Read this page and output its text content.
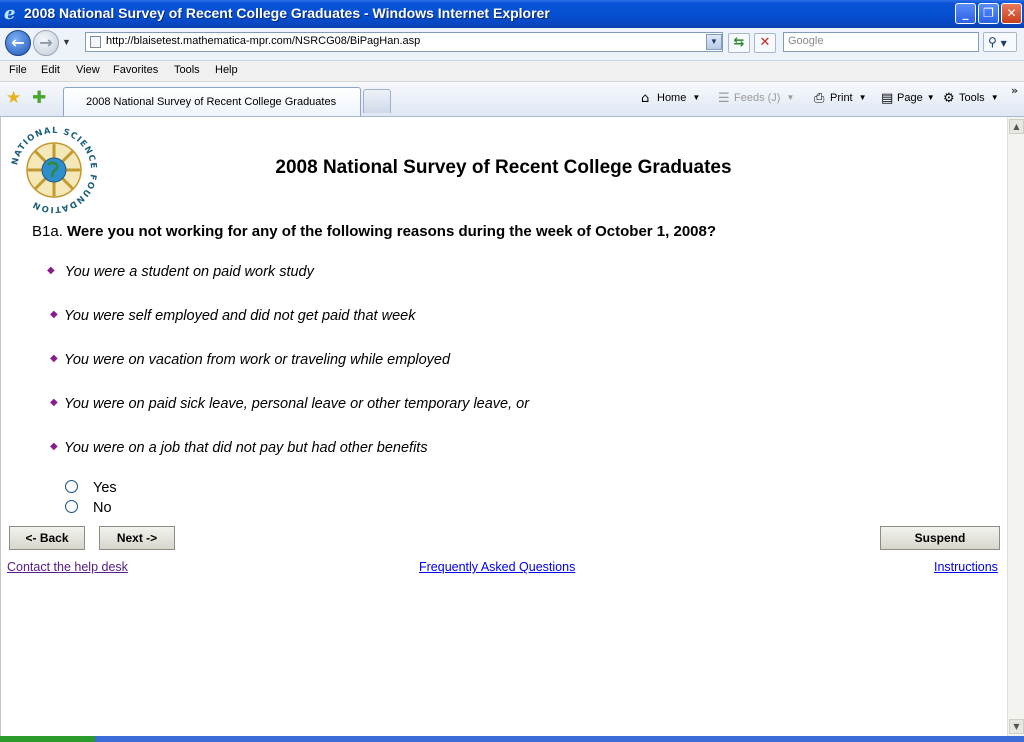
e 2008 National Survey of Recent College Graduates - Windows Internet Explorer	_	❐	✕
← →	▼	http://blaisetest.mathematica-mpr.com/NSRCG08/BiPagHan.asp	▼	⇆	✕	Google	⚲ ▼
File Edit View Favorites Tools Help
★ ✚	2008 National Survey of Recent College Graduates	⌂ Home ▼ ☰ Feeds (J) ▼ ⎙ Print ▼ ▤ Page ▼ ⚙ Tools ▼
»
NATIONAL SCIENCE FOUNDATION
2008 National Survey of Recent College Graduates
B1a. Were you not working for any of the following reasons during the week of October 1, 2008?
◆ You were a student on paid work study
◆ You were self employed and did not get paid that week
◆ You were on vacation from work or traveling while employed
◆ You were on paid sick leave, personal leave or other temporary leave, or
◆ You were on a job that did not pay but had other benefits
Yes
No
<- Back	Next ->	Suspend
Contact the help desk	Frequently Asked Questions	Instructions
▲
▼
